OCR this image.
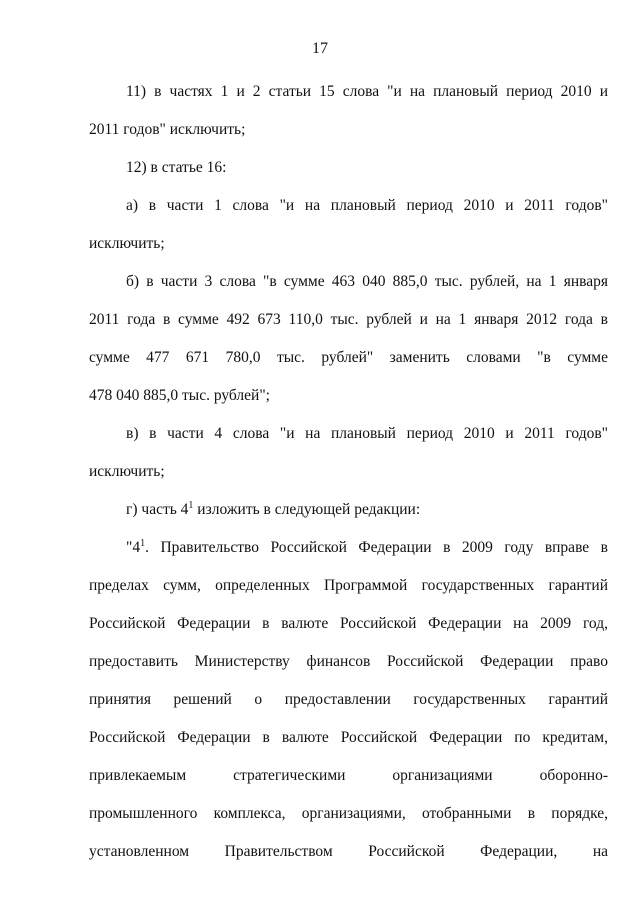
17
11) в частях 1 и 2 статьи 15 слова "и на плановый период 2010 и
2011 годов" исключить;
12) в статье 16:
а) в части 1 слова "и на плановый период 2010 и 2011 годов"
исключить;
б) в части 3 слова "в сумме 463 040 885,0 тыс. рублей, на 1 января
2011 года в сумме 492 673 110,0 тыс. рублей и на 1 января 2012 года в
сумме 477 671 780,0 тыс. рублей" заменить словами "в сумме
478 040 885,0 тыс. рублей";
в) в части 4 слова "и на плановый период 2010 и 2011 годов"
исключить;
г) часть $4^1$ изложить в следующей редакции:
"$4^1$. Правительство Российской Федерации в 2009 году вправе в
пределах сумм, определенных Программой государственных гарантий
Российской Федерации в валюте Российской Федерации на 2009 год,
предоставить Министерству финансов Российской Федерации право
принятия решений о предоставлении государственных гарантий
Российской Федерации в валюте Российской Федерации по кредитам,
привлекаемым стратегическими организациями оборонно-
промышленного комплекса, организациями, отобранными в порядке,
установленном Правительством Российской Федерации, на
